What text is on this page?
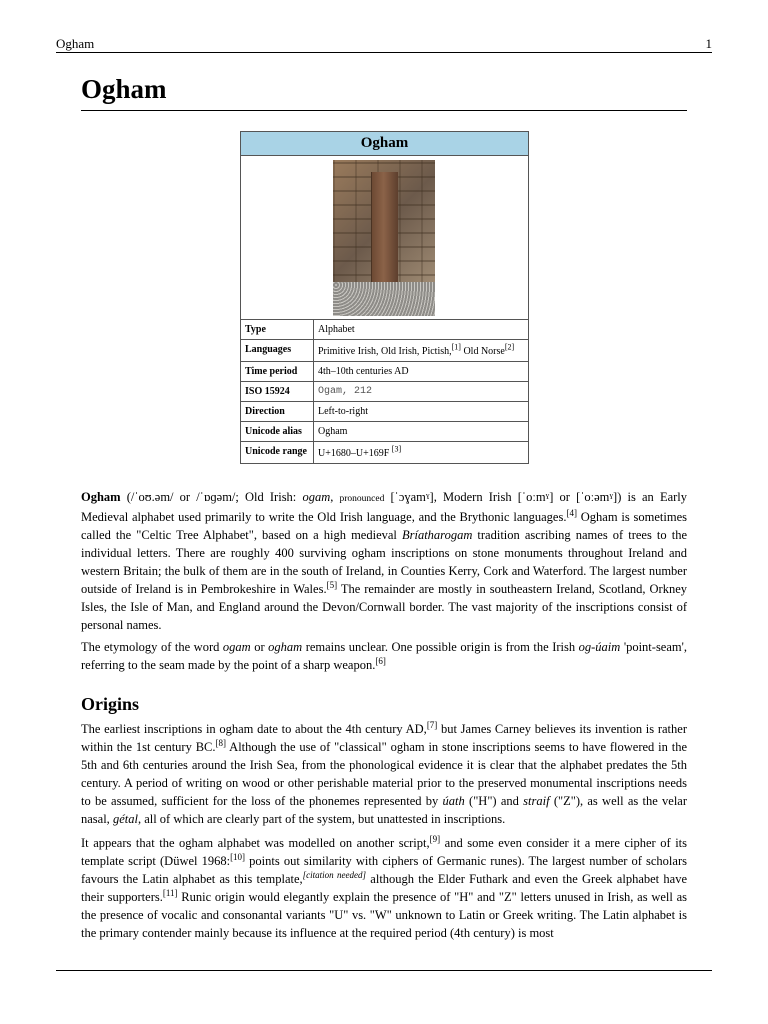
Ogham	1
Ogham
Ogham
Type	Alphabet
Languages	Primitive Irish, Old Irish, Pictish,[1] Old Norse[2]
Time period	4th–10th centuries AD
ISO 15924	Ogam, 212
Direction	Left-to-right
Unicode alias	Ogham
Unicode range	U+1680–U+169F [3]

Ogham (/ˈoʊ.əm/ or /ˈɒɡəm/; Old Irish: ogam, pronounced [ˈɔɣamˠ], Modern Irish [ˈoːmˠ] or [ˈoːəmˠ]) is an Early Medieval alphabet used primarily to write the Old Irish language, and the Brythonic languages.[4] Ogham is sometimes called the "Celtic Tree Alphabet", based on a high medieval Bríatharogam tradition ascribing names of trees to the individual letters. There are roughly 400 surviving ogham inscriptions on stone monuments throughout Ireland and western Britain; the bulk of them are in the south of Ireland, in Counties Kerry, Cork and Waterford. The largest number outside of Ireland is in Pembrokeshire in Wales.[5] The remainder are mostly in southeastern Ireland, Scotland, Orkney Isles, the Isle of Man, and England around the Devon/Cornwall border. The vast majority of the inscriptions consist of personal names.

The etymology of the word ogam or ogham remains unclear. One possible origin is from the Irish og-úaim 'point-seam', referring to the seam made by the point of a sharp weapon.[6]

Origins

The earliest inscriptions in ogham date to about the 4th century AD,[7] but James Carney believes its invention is rather within the 1st century BC.[8] Although the use of "classical" ogham in stone inscriptions seems to have flowered in the 5th and 6th centuries around the Irish Sea, from the phonological evidence it is clear that the alphabet predates the 5th century. A period of writing on wood or other perishable material prior to the preserved monumental inscriptions needs to be assumed, sufficient for the loss of the phonemes represented by úath ("H") and straif ("Z"), as well as the velar nasal, gétal, all of which are clearly part of the system, but unattested in inscriptions.

It appears that the ogham alphabet was modelled on another script,[9] and some even consider it a mere cipher of its template script (Düwel 1968:[10] points out similarity with ciphers of Germanic runes). The largest number of scholars favours the Latin alphabet as this template,[citation needed] although the Elder Futhark and even the Greek alphabet have their supporters.[11] Runic origin would elegantly explain the presence of "H" and "Z" letters unused in Irish, as well as the presence of vocalic and consonantal variants "U" vs. "W" unknown to Latin or Greek writing. The Latin alphabet is the primary contender mainly because its influence at the required period (4th century) is most
